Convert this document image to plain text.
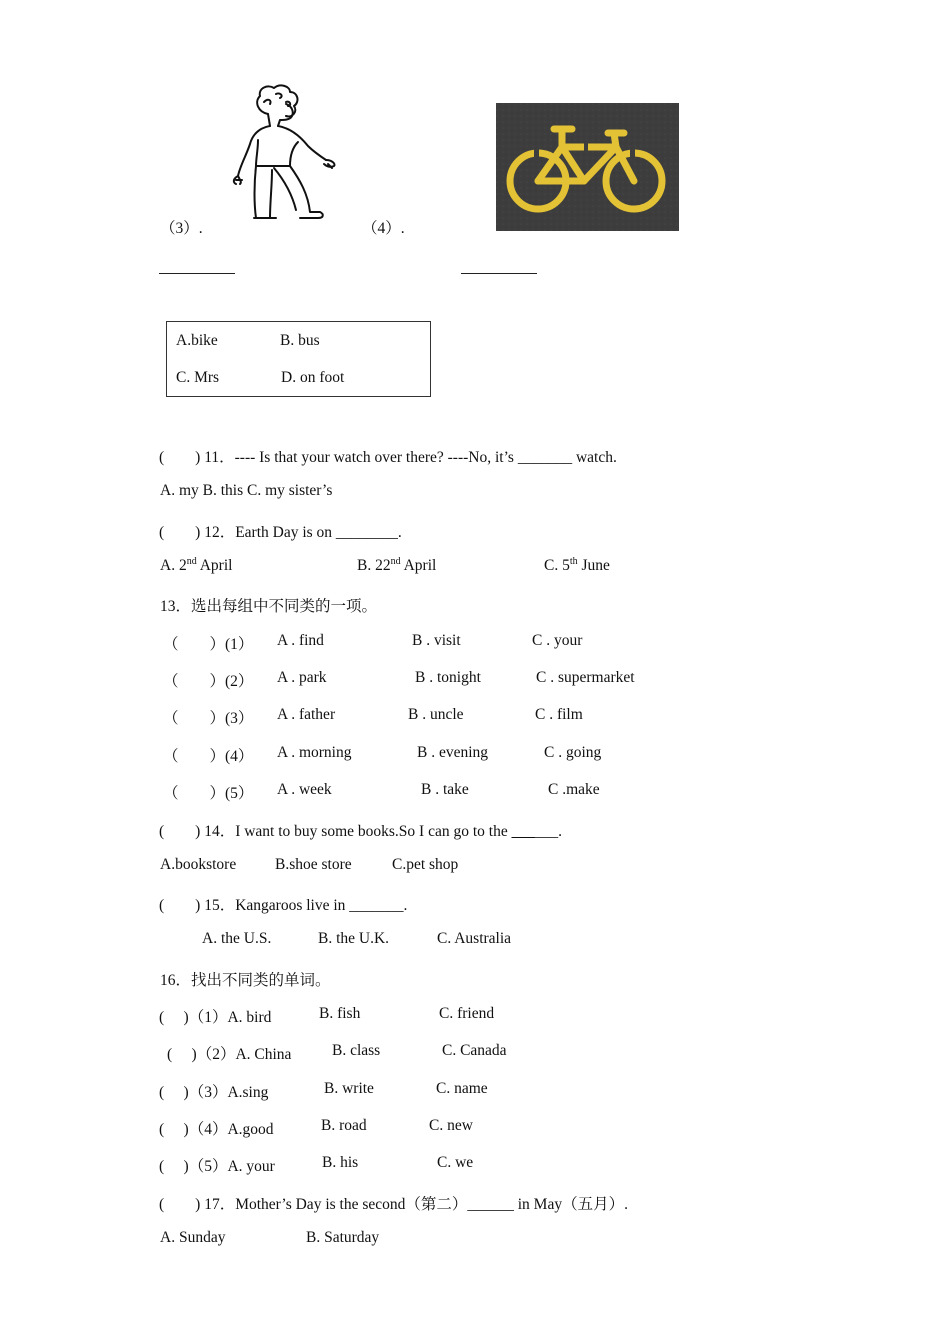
（3）.	（4）.
A.bike	B. bus
C. Mrs	D. on foot
(　　) 11．---- Is that your watch over there? ----No, it’s _______ watch.
A. my B. this C. my sister’s
(　　) 12．Earth Day is on ________.
A. 2nd April	B. 22nd April	C. 5th June
13．选出每组中不同类的一项。
（　　）(1） A . find	B . visit	C . your
（　　）(2） A . park	B . tonight	C . supermarket
（　　）(3） A . father	B . uncle	C . film
（　　）(4） A . morning	B . evening	C . going
（　　）(5） A . week	B . take	C .make
(　　) 14．I want to buy some books.So I can go to the ______.
A.bookstore	B.shoe store	C.pet shop
(　　) 15．Kangaroos live in _______.
A. the U.S.	B. the U.K.	C. Australia
16．找出不同类的单词。
(　 )（1）A. bird	B. fish	C. friend
(　 )（2）A. China	B. class	C. Canada
(　 )（3）A.sing	B. write	C. name
(　 )（4）A.good	B. road	C. new
(　 )（5）A. your	B. his	C. we
(　　) 17．Mother’s Day is the second（第二）______ in May（五月）.
A. Sunday	B. Saturday
